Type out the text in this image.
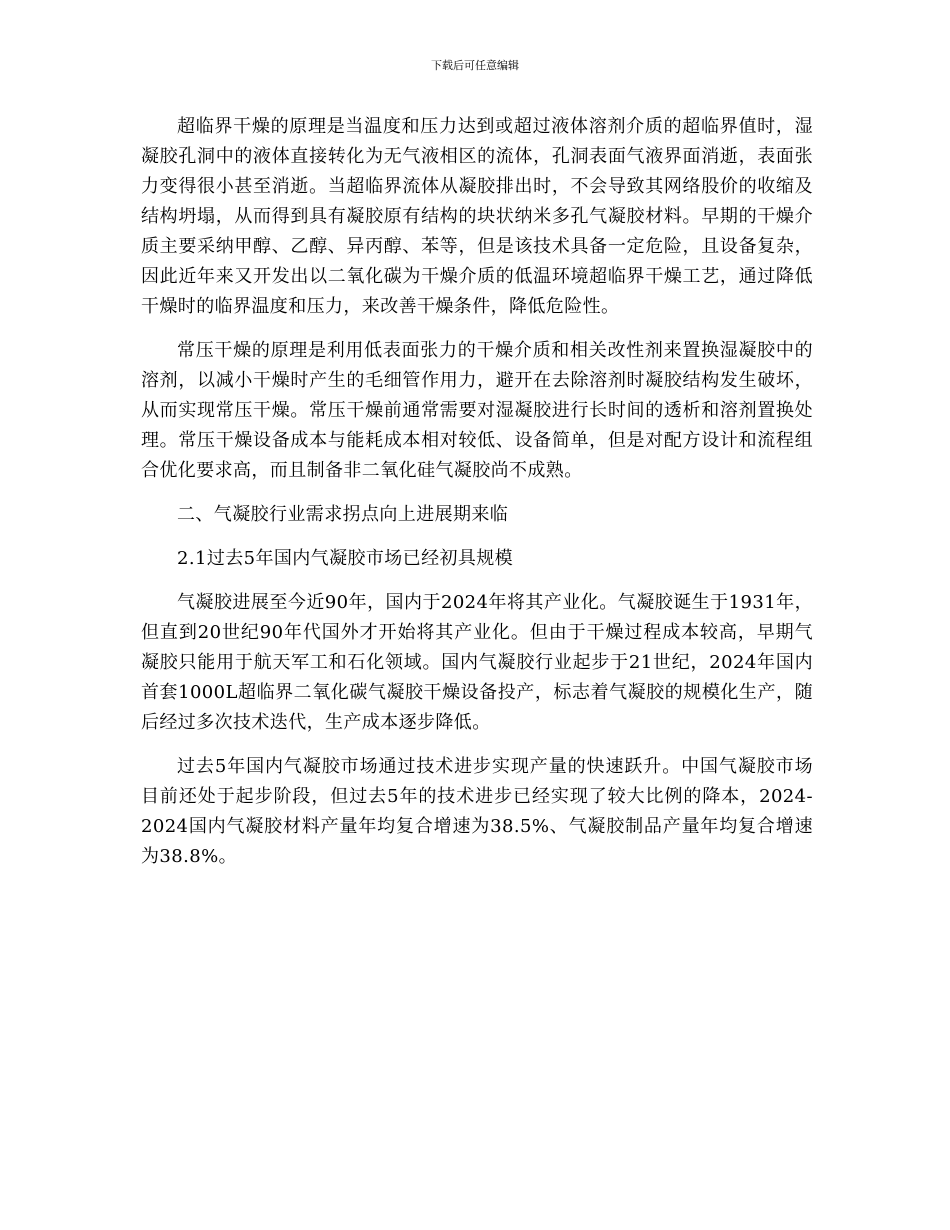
下载后可任意编辑

超临界干燥的原理是当温度和压力达到或超过液体溶剂介质的超临界值时，湿凝胶孔洞中的液体直接转化为无气液相区的流体，孔洞表面气液界面消逝，表面张力变得很小甚至消逝。当超临界流体从凝胶排出时，不会导致其网络股价的收缩及结构坍塌，从而得到具有凝胶原有结构的块状纳米多孔气凝胶材料。早期的干燥介质主要采纳甲醇、乙醇、异丙醇、苯等，但是该技术具备一定危险，且设备复杂，因此近年来又开发出以二氧化碳为干燥介质的低温环境超临界干燥工艺，通过降低干燥时的临界温度和压力，来改善干燥条件，降低危险性。

常压干燥的原理是利用低表面张力的干燥介质和相关改性剂来置换湿凝胶中的溶剂，以减小干燥时产生的毛细管作用力，避开在去除溶剂时凝胶结构发生破坏，从而实现常压干燥。常压干燥前通常需要对湿凝胶进行长时间的透析和溶剂置换处理。常压干燥设备成本与能耗成本相对较低、设备简单，但是对配方设计和流程组合优化要求高，而且制备非二氧化硅气凝胶尚不成熟。

二、气凝胶行业需求拐点向上进展期来临

2.1过去5年国内气凝胶市场已经初具规模

气凝胶进展至今近90年，国内于2024年将其产业化。气凝胶诞生于1931年，但直到20世纪90年代国外才开始将其产业化。但由于干燥过程成本较高，早期气凝胶只能用于航天军工和石化领域。国内气凝胶行业起步于21世纪，2024年国内首套1000L超临界二氧化碳气凝胶干燥设备投产，标志着气凝胶的规模化生产，随后经过多次技术迭代，生产成本逐步降低。

过去5年国内气凝胶市场通过技术进步实现产量的快速跃升。中国气凝胶市场目前还处于起步阶段，但过去5年的技术进步已经实现了较大比例的降本，2024-2024国内气凝胶材料产量年均复合增速为38.5%、气凝胶制品产量年均复合增速为38.8%。
